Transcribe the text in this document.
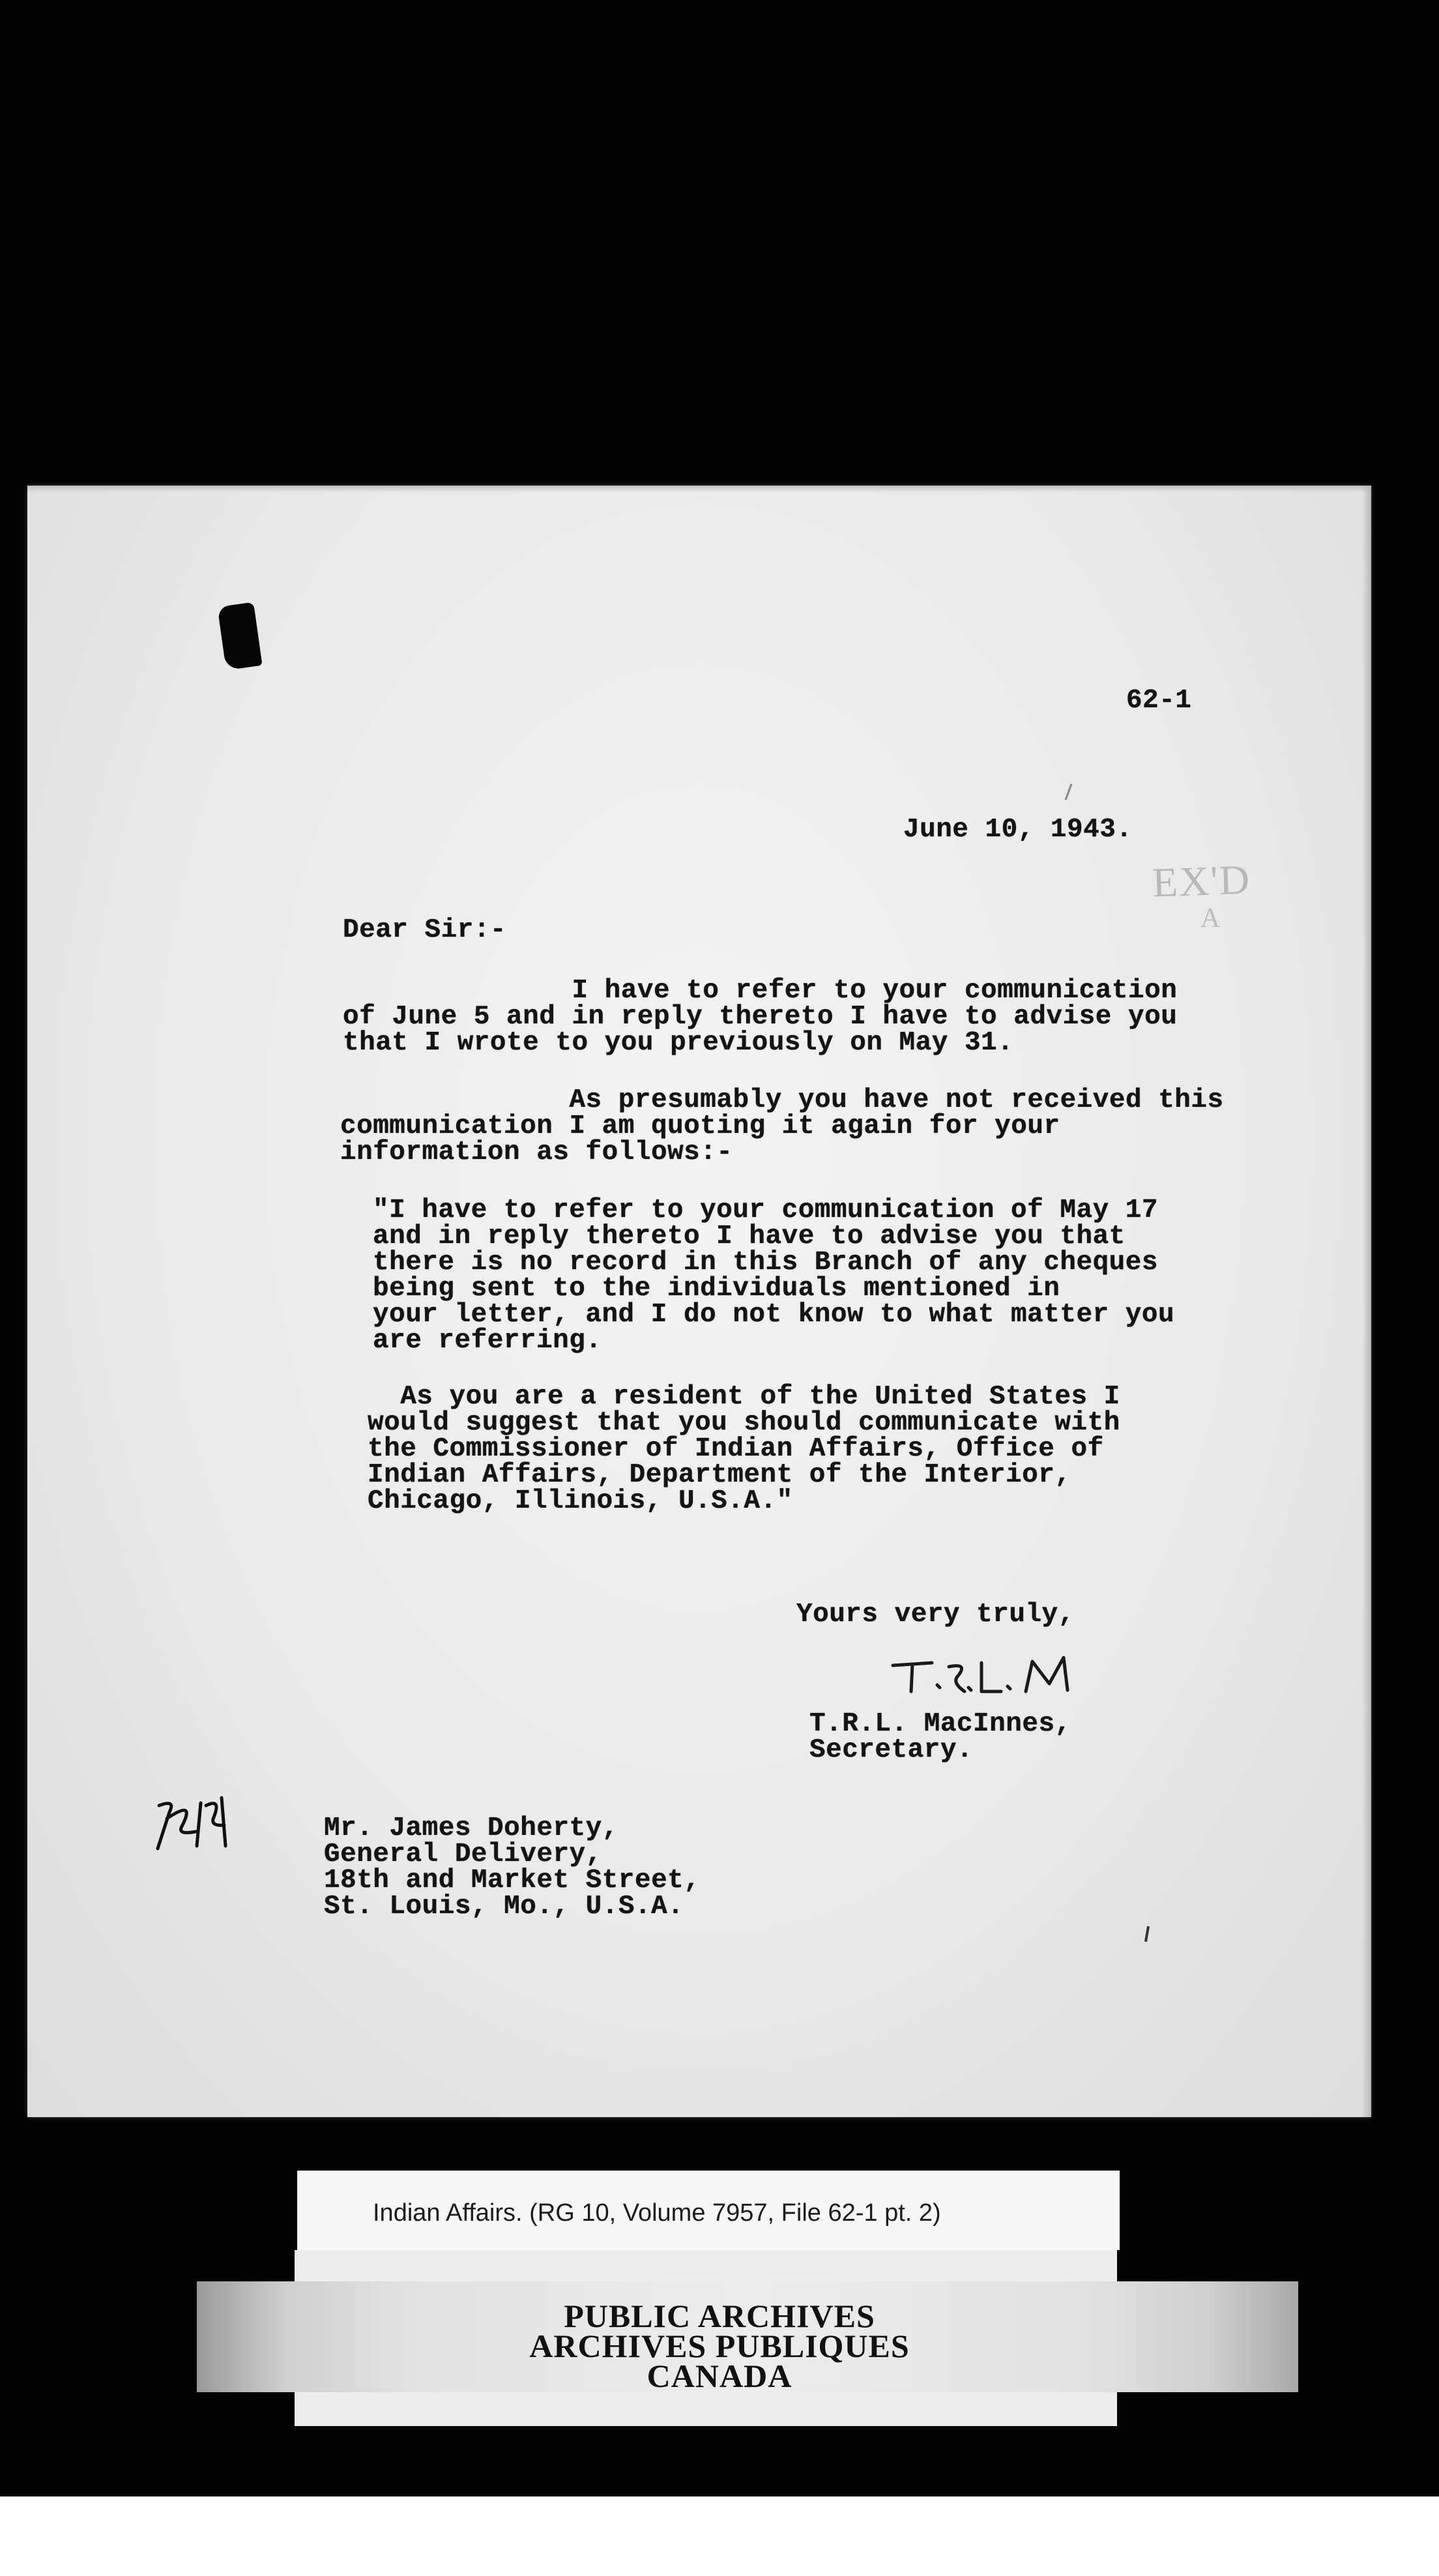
62-1
June 10, 1943.
EX'D
A
Dear Sir:-
I have to refer to your communication
of June 5 and in reply thereto I have to advise you
that I wrote to you previously on May 31.
As presumably you have not received this
communication I am quoting it again for your
information as follows:-
"I have to refer to your communication of May 17
and in reply thereto I have to advise you that
there is no record in this Branch of any cheques
being sent to the individuals mentioned in
your letter, and I do not know to what matter you
are referring.
As you are a resident of the United States I
would suggest that you should communicate with
the Commissioner of Indian Affairs, Office of
Indian Affairs, Department of the Interior,
Chicago, Illinois, U.S.A."
Yours very truly,
T.R.L. MacInnes,
Secretary.
Mr. James Doherty,
General Delivery,
18th and Market Street,
St. Louis, Mo., U.S.A.
Indian Affairs. (RG 10, Volume 7957, File 62-1 pt. 2)
PUBLIC ARCHIVES
ARCHIVES PUBLIQUES
CANADA
